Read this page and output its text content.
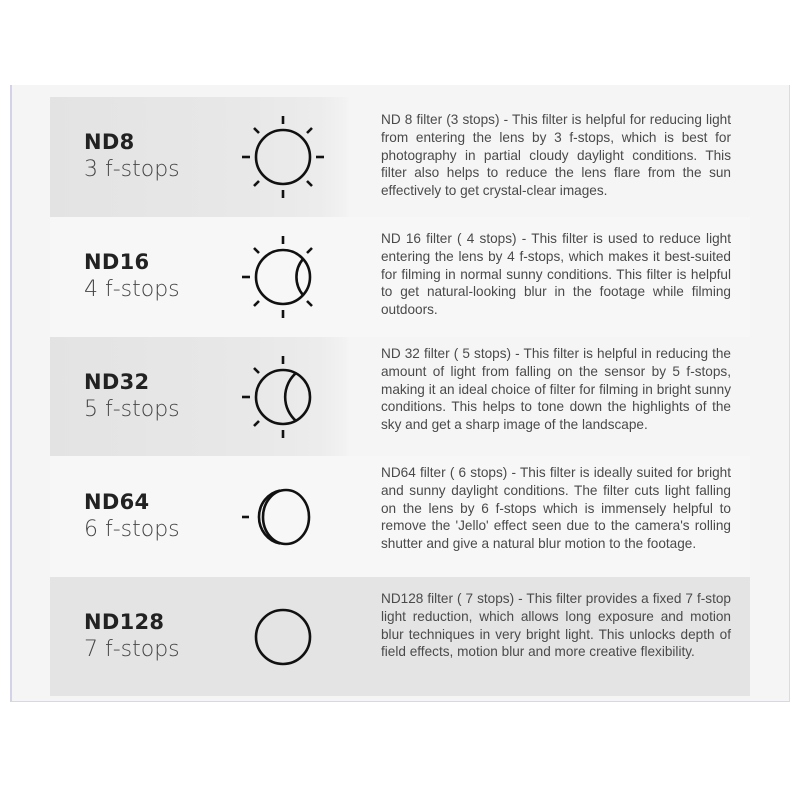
ND8
3 f-stops
ND 8 filter (3 stops) - This filter is helpful for reducing light from entering the lens by 3 f-stops, which is best for photography in partial cloudy daylight conditions. This filter also helps to reduce the lens flare from the sun effectively to get crystal-clear images.
ND16
4 f-stops
ND 16 filter ( 4 stops) - This filter is used to reduce light entering the lens by 4 f-stops, which makes it best-suited for filming in normal sunny conditions. This filter is helpful to get natural-looking blur in the footage while filming outdoors.
ND32
5 f-stops
ND 32 filter ( 5 stops) - This filter is helpful in reducing the amount of light from falling on the sensor by 5 f-stops, making it an ideal choice of filter for filming in bright sunny conditions. This helps to tone down the highlights of the sky and get a sharp image of the landscape.
ND64
6 f-stops
ND64 filter ( 6 stops) - This filter is ideally suited for bright and sunny daylight conditions. The filter cuts light falling on the lens by 6 f-stops which is immensely helpful to remove the 'Jello' effect seen due to the camera's rolling shutter and give a natural blur motion to the footage.
ND128
7 f-stops
ND128 filter ( 7 stops) - This filter provides a fixed 7 f-stop light reduction, which allows long exposure and motion blur techniques in very bright light. This unlocks depth of field effects, motion blur and more creative flexibility.
